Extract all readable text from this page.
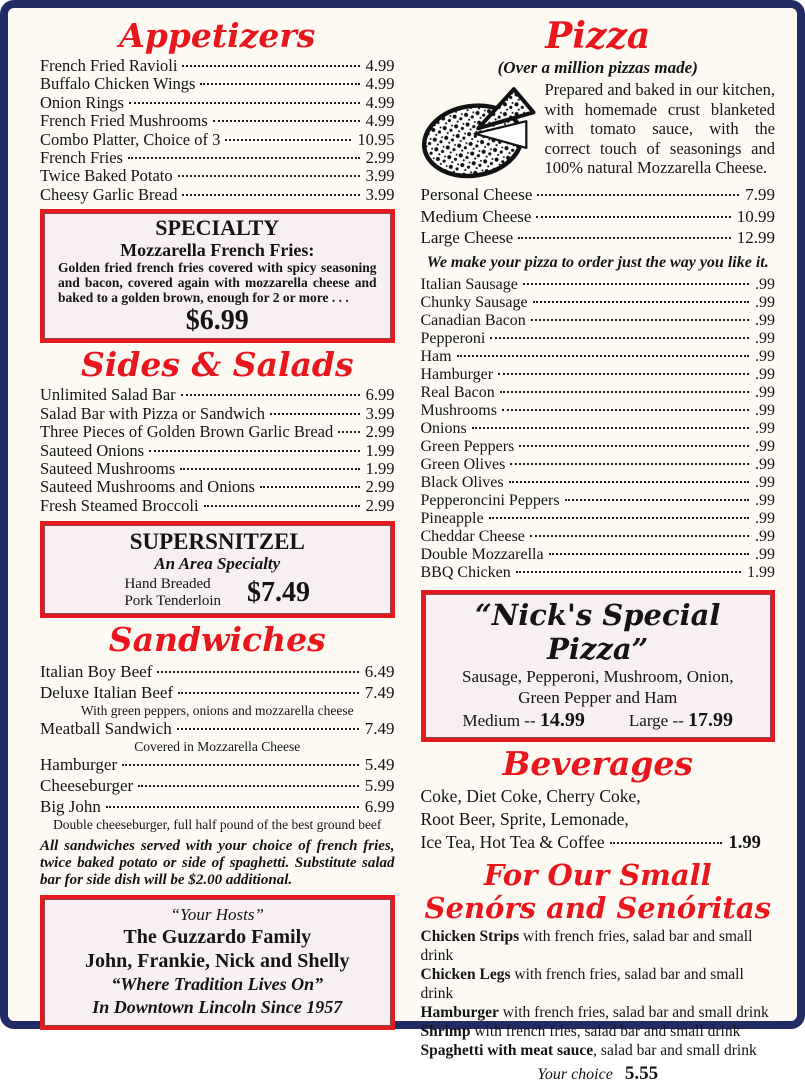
Appetizers
French Fried Ravioli	4.99
Buffalo Chicken Wings	4.99
Onion Rings	4.99
French Fried Mushrooms	4.99
Combo Platter, Choice of 3	10.95
French Fries	2.99
Twice Baked Potato	3.99
Cheesy Garlic Bread	3.99
SPECIALTY
Mozzarella French Fries:
Golden fried french fries covered with spicy seasoning and bacon, covered again with mozzarella cheese and baked to a golden brown, enough for 2 or more . . .
$6.99
Sides & Salads
Unlimited Salad Bar	6.99
Salad Bar with Pizza or Sandwich	3.99
Three Pieces of Golden Brown Garlic Bread 2.99
Sauteed Onions	1.99
Sauteed Mushrooms	1.99
Sauteed Mushrooms and Onions	2.99
Fresh Steamed Broccoli	2.99
SUPERSNITZEL
An Area Specialty
Hand Breaded
Pork Tenderloin $7.49
Sandwiches
Italian Boy Beef	6.49
Deluxe Italian Beef	7.49
With green peppers, onions and mozzarella cheese
Meatball Sandwich	7.49
Covered in Mozzarella Cheese
Hamburger	5.49
Cheeseburger	5.99
Big John	6.99
Double cheeseburger, full half pound of the best ground beef
All sandwiches served with your choice of french fries, twice baked potato or side of spaghetti. Substitute salad bar for side dish will be $2.00 additional.
“Your Hosts”
The Guzzardo Family
John, Frankie, Nick and Shelly
“Where Tradition Lives On”
In Downtown Lincoln Since 1957
Pizza
(Over a million pizzas made)
Prepared and baked in our kitchen, with homemade crust blanketed with tomato sauce, with the correct touch of seasonings and 100% natural Mozzarella Cheese.
Personal Cheese	7.99
Medium Cheese	10.99
Large Cheese	12.99
We make your pizza to order just the way you like it.
Italian Sausage	.99
Chunky Sausage	.99
Canadian Bacon	.99
Pepperoni	.99
Ham	.99
Hamburger	.99
Real Bacon	.99
Mushrooms	.99
Onions	.99
Green Peppers	.99
Green Olives	.99
Black Olives	.99
Pepperoncini Peppers	.99
Pineapple	.99
Cheddar Cheese	.99
Double Mozzarella	.99
BBQ Chicken	1.99
“Nick's Special Pizza”
Sausage, Pepperoni, Mushroom, Onion,
Green Pepper and Ham
Medium -- 14.99	Large -- 17.99
Beverages
Coke, Diet Coke, Cherry Coke,
Root Beer, Sprite, Lemonade,
Ice Tea, Hot Tea & Coffee	1.99
For Our Small
Senórs and Senóritas
Chicken Strips with french fries, salad bar and small drink
Chicken Legs with french fries, salad bar and small drink
Hamburger with french fries, salad bar and small drink
Shrimp with french fries, salad bar and small drink
Spaghetti with meat sauce, salad bar and small drink
Your choice 5.55
